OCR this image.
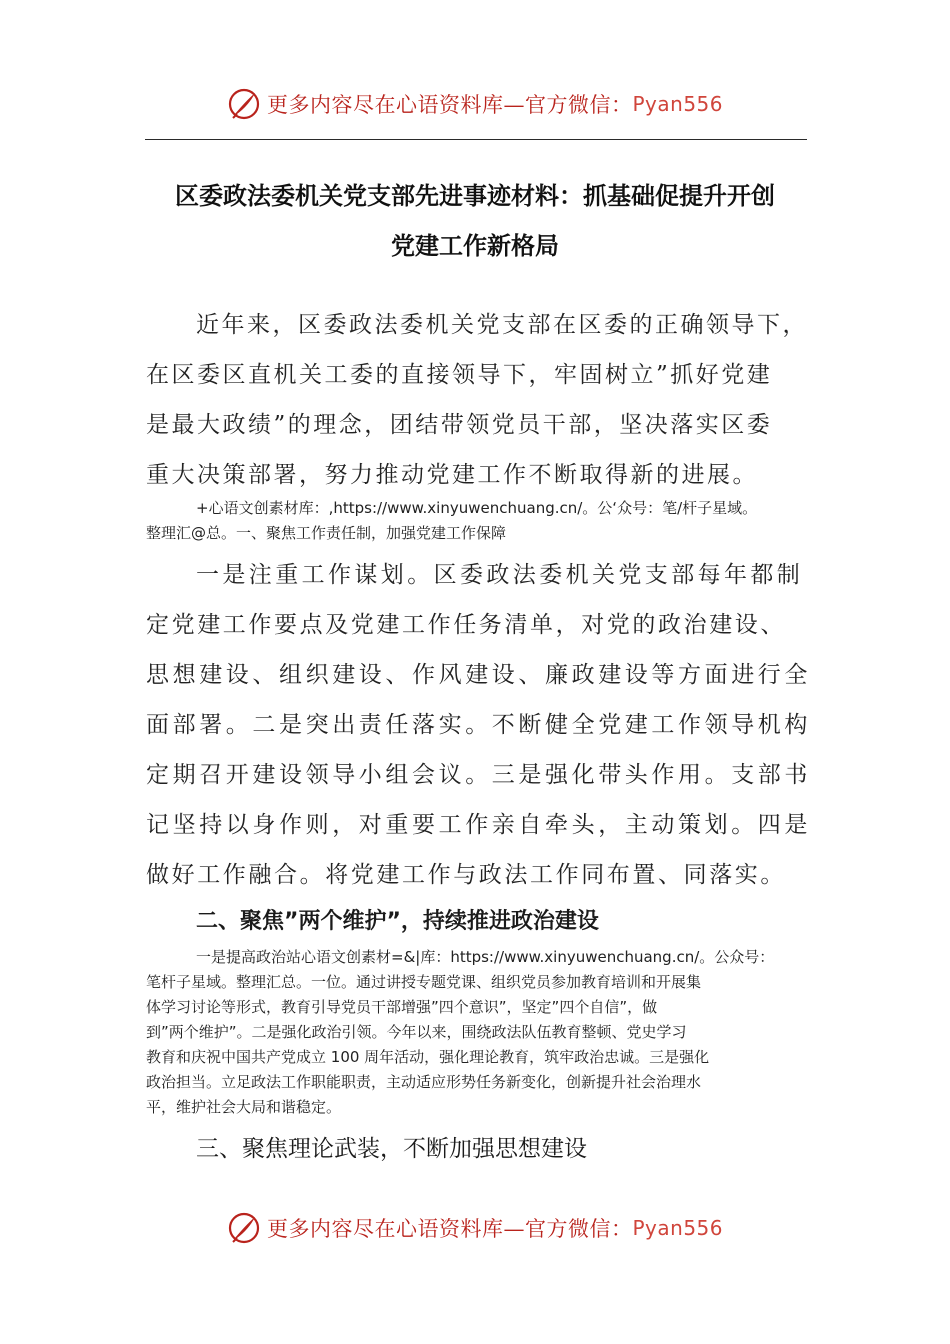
更多内容尽在心语资料库—官方微信： Pyan556
区委政法委机关党支部先进事迹材料：抓基础促提升开创
党建工作新格局
近年来，区委政法委机关党支部在区委的正确领导下，
在区委区直机关工委的直接领导下，牢固树立”抓好党建
是最大政绩”的理念，团结带领党员干部，坚决落实区委
重大决策部署，努力推动党建工作不断取得新的进展。
+心语文创素材库：,https://www.xinyuwenchuang.cn/。公‘众号：笔/杆子星域。
整理汇@总。一、聚焦工作责任制，加强党建工作保障
一是注重工作谋划。区委政法委机关党支部每年都制
定党建工作要点及党建工作任务清单，对党的政治建设、
思想建设、组织建设、作风建设、廉政建设等方面进行全
面部署。二是突出责任落实。不断健全党建工作领导机构
定期召开建设领导小组会议。三是强化带头作用。支部书
记坚持以身作则，对重要工作亲自牵头，主动策划。四是
做好工作融合。将党建工作与政法工作同布置、同落实。
二、聚焦”两个维护”，持续推进政治建设
一是提高政治站心语文创素材=&|库：https://www.xinyuwenchuang.cn/。公众号：
笔杆子星域。整理汇总。一位。通过讲授专题党课、组织党员参加教育培训和开展集
体学习讨论等形式，教育引导党员干部增强”四个意识”，坚定”四个自信”，做
到”两个维护”。二是强化政治引领。今年以来，围绕政法队伍教育整顿、党史学习
教育和庆祝中国共产党成立 100 周年活动，强化理论教育，筑牢政治忠诚。三是强化
政治担当。立足政法工作职能职责，主动适应形势任务新变化，创新提升社会治理水
平，维护社会大局和谐稳定。
三、聚焦理论武装，不断加强思想建设
更多内容尽在心语资料库—官方微信： Pyan556
